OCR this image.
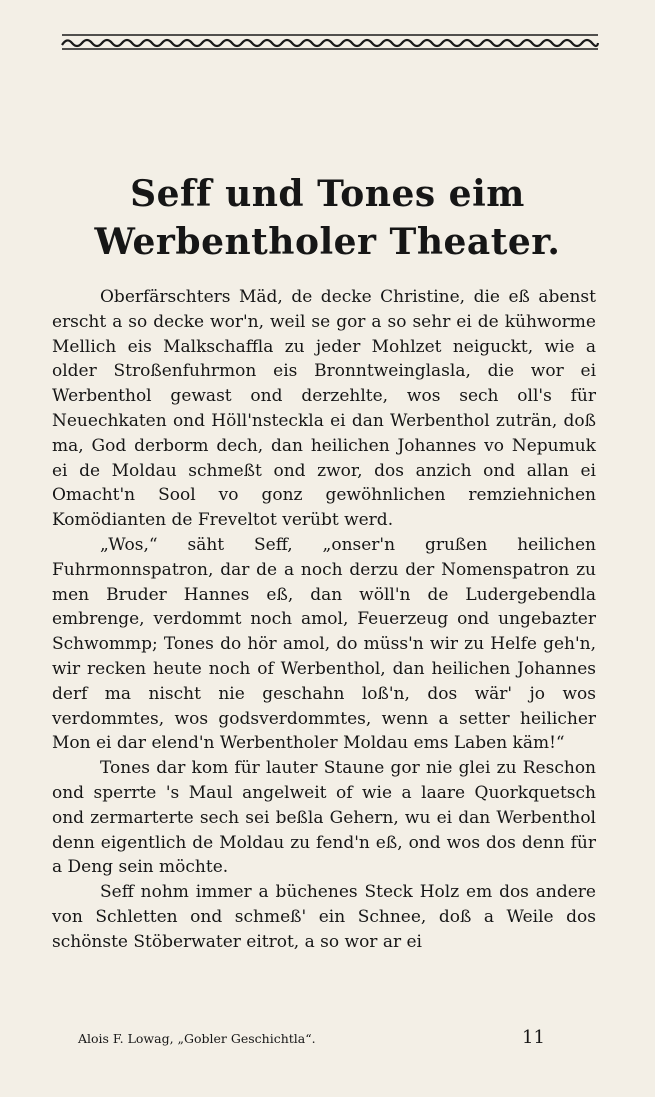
Seff und Tones eim Werbentholer Theater.

Oberfärschters Mäd, de decke Christine, die eß abenst erscht a so decke wor'n, weil se gor a so sehr ei de kühworme Mellich eis Malkschaffla zu jeder Mohlzet neiguckt, wie a older Stroßenfuhrmon eis Bronntweinglasla, die wor ei Werbenthol gewast ond derzehlte, wos sech oll's für Neuechkaten ond Höll'nsteckla ei dan Werbenthol zuträn, doß ma, God derborm dech, dan heilichen Johannes vo Nepumuk ei de Moldau schmeßt ond zwor, dos anzich ond allan ei Omacht'n Sool vo gonz gewöhnlichen remziehnichen Komödianten de Freveltot verübt werd.

„Wos,“ säht Seff, „onser'n grußen heilichen Fuhrmonnspatron, dar de a noch derzu der Nomenspatron zu men Bruder Hannes eß, dan wöll'n de Ludergebendla embrenge, verdommt noch amol, Feuerzeug ond ungebazter Schwommp; Tones do hör amol, do müss'n wir zu Helfe geh'n, wir recken heute noch of Werbenthol, dan heilichen Johannes derf ma nischt nie geschahn loß'n, dos wär' jo wos verdommtes, wos godsverdommtes, wenn a setter heilicher Mon ei dar elend'n Werbentholer Moldau ems Laben käm!“

Tones dar kom für lauter Staune gor nie glei zu Reschon ond sperrte 's Maul angelweit of wie a laare Quorkquetsch ond zermarterte sech sei beßla Gehern, wu ei dan Werbenthol denn eigentlich de Moldau zu fend'n eß, ond wos dos denn für a Deng sein möchte.

Seff nohm immer a büchenes Steck Holz em dos andere von Schletten ond schmeß' ein Schnee, doß a Weile dos schönste Stöberwater eitrot, a so wor ar ei

Alois F. Lowag, „Gobler Geschichtla“.	11
